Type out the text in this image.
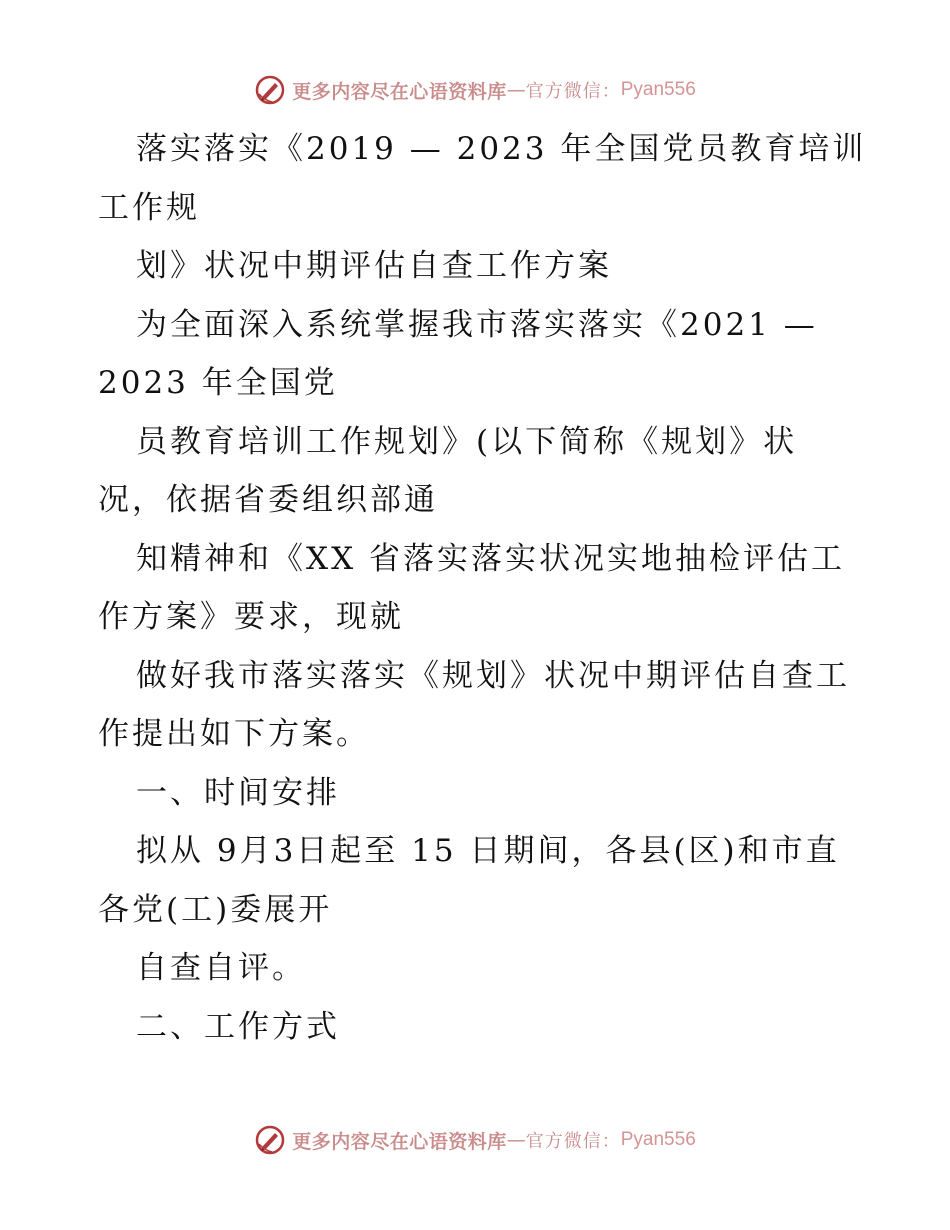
更多内容尽在心语资料库 — 官方微信： Pyan556
落实落实《2019 — 2023 年全国党员教育培训
工作规
划》状况中期评估自查工作方案
为全面深入系统掌握我市落实落实《2021 —
2023 年全国党
员教育培训工作规划》(以下简称《规划》状
况，依据省委组织部通
知精神和《XX 省落实落实状况实地抽检评估工
作方案》要求，现就
做好我市落实落实《规划》状况中期评估自查工
作提出如下方案。
一、时间安排
拟从 9月3日起至 15 日期间，各县(区)和市直
各党(工)委展开
自查自评。
二、工作方式
更多内容尽在心语资料库 — 官方微信： Pyan556
